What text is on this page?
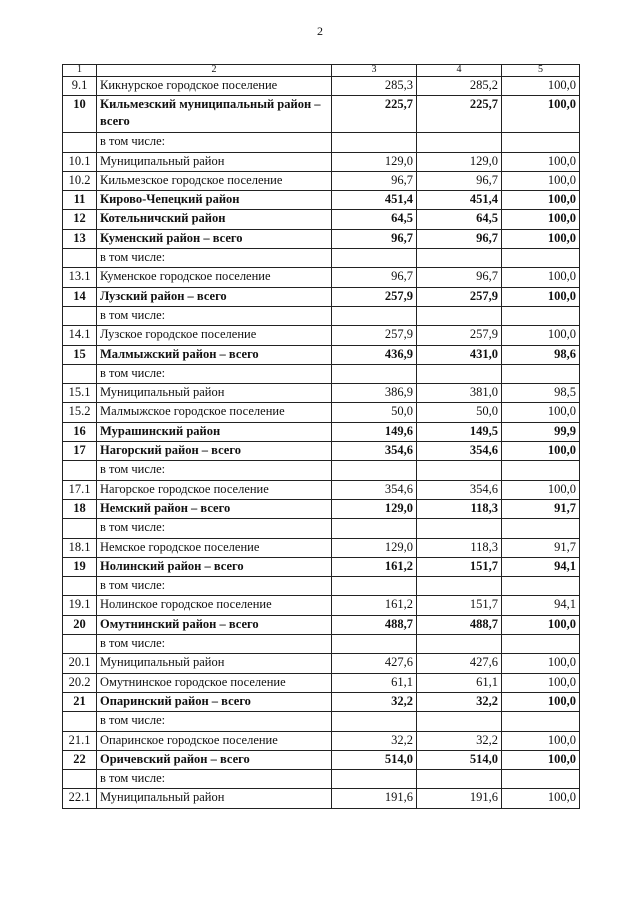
2
1	2	3	4	5
9.1	Кикнурское городское поселение	285,3	285,2	100,0
10	Кильмезский муниципальный район – всего	225,7	225,7	100,0
	в том числе:			
10.1	Муниципальный район	129,0	129,0	100,0
10.2	Кильмезское городское поселение	96,7	96,7	100,0
11	Кирово-Чепецкий район	451,4	451,4	100,0
12	Котельничский район	64,5	64,5	100,0
13	Куменский район – всего	96,7	96,7	100,0
	в том числе:			
13.1	Куменское городское поселение	96,7	96,7	100,0
14	Лузский район – всего	257,9	257,9	100,0
	в том числе:			
14.1	Лузское городское поселение	257,9	257,9	100,0
15	Малмыжский район – всего	436,9	431,0	98,6
	в том числе:			
15.1	Муниципальный район	386,9	381,0	98,5
15.2	Малмыжское городское поселение	50,0	50,0	100,0
16	Мурашинский район	149,6	149,5	99,9
17	Нагорский район – всего	354,6	354,6	100,0
	в том числе:			
17.1	Нагорское городское поселение	354,6	354,6	100,0
18	Немский район – всего	129,0	118,3	91,7
	в том числе:			
18.1	Немское городское поселение	129,0	118,3	91,7
19	Нолинский район – всего	161,2	151,7	94,1
	в том числе:			
19.1	Нолинское городское поселение	161,2	151,7	94,1
20	Омутнинский район – всего	488,7	488,7	100,0
	в том числе:			
20.1	Муниципальный район	427,6	427,6	100,0
20.2	Омутнинское городское поселение	61,1	61,1	100,0
21	Опаринский район – всего	32,2	32,2	100,0
	в том числе:			
21.1	Опаринское городское поселение	32,2	32,2	100,0
22	Оричевский район – всего	514,0	514,0	100,0
	в том числе:			
22.1	Муниципальный район	191,6	191,6	100,0
